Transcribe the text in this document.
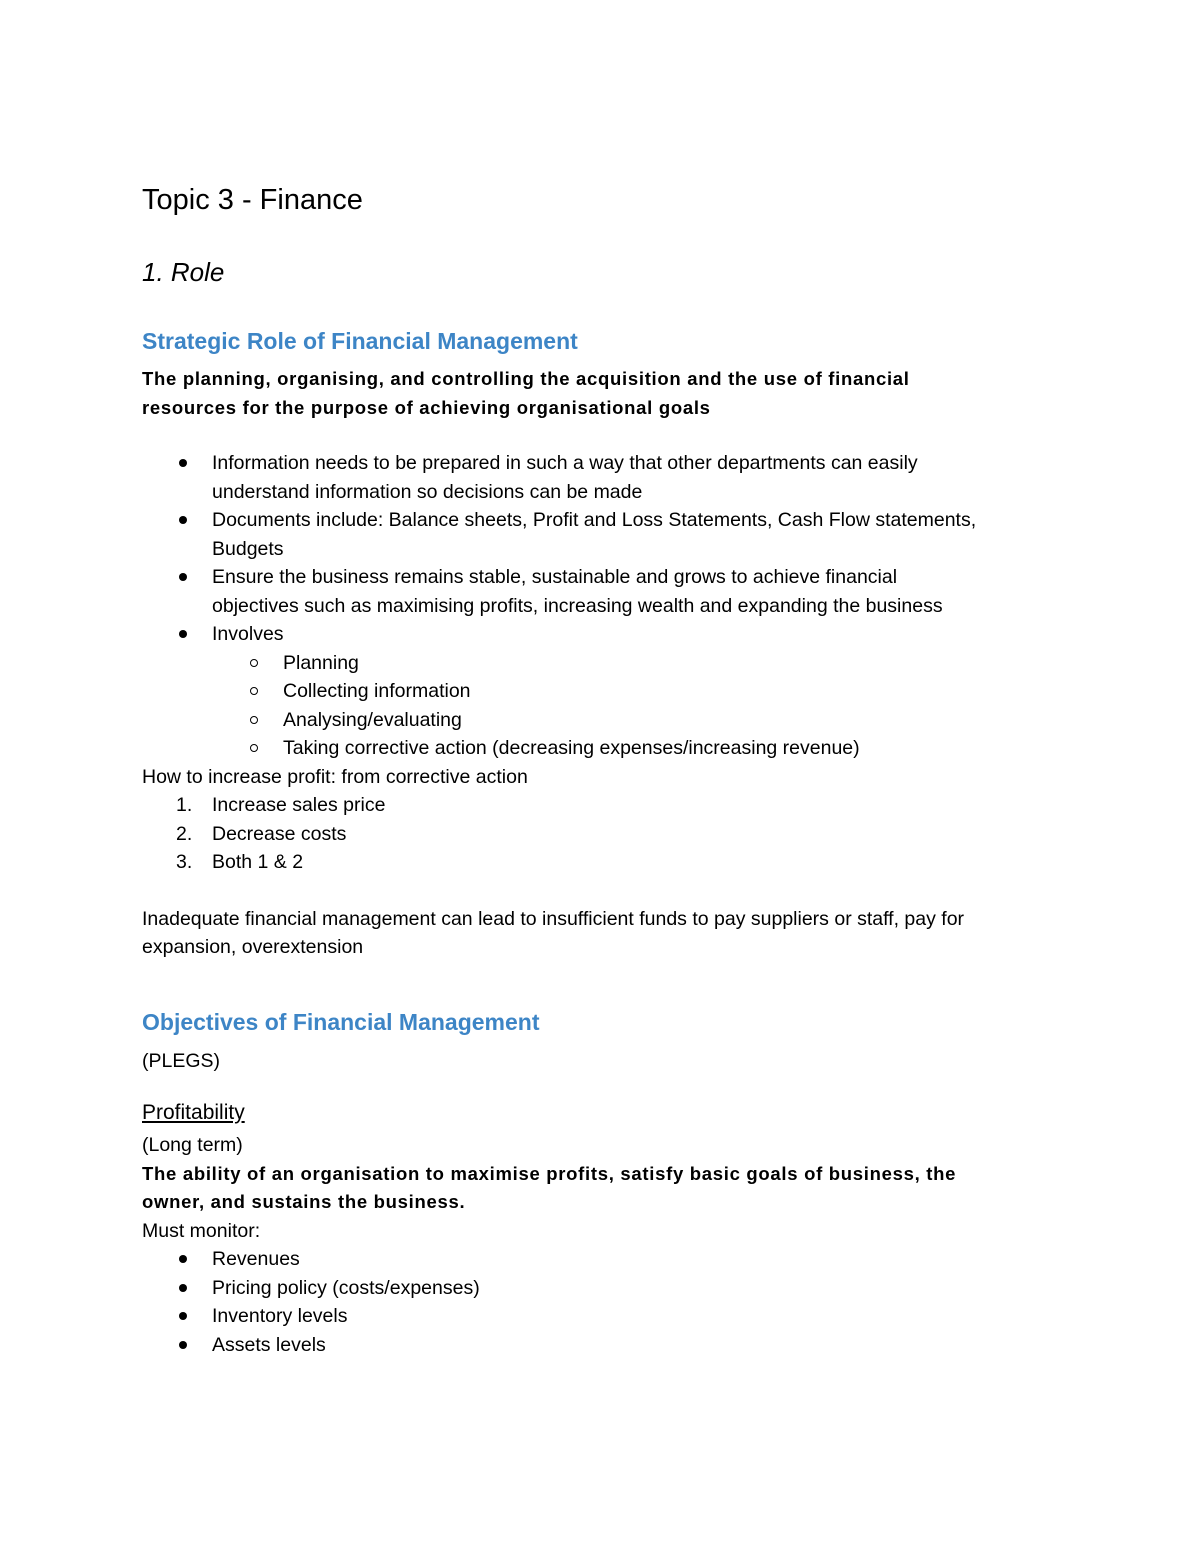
Topic 3 - Finance
1. Role
Strategic Role of Financial Management

The planning, organising, and controlling the acquisition and the use of financial
resources for the purpose of achieving organisational goals

Information needs to be prepared in such a way that other departments can easily
understand information so decisions can be made
Documents include: Balance sheets, Profit and Loss Statements, Cash Flow statements,
Budgets
Ensure the business remains stable, sustainable and grows to achieve financial
objectives such as maximising profits, increasing wealth and expanding the business
Involves
Planning
Collecting information
Analysing/evaluating
Taking corrective action (decreasing expenses/increasing revenue)

How to increase profit: from corrective action

1. Increase sales price
2. Decrease costs
3. Both 1 & 2

Inadequate financial management can lead to insufficient funds to pay suppliers or staff, pay for
expansion, overextension

Objectives of Financial Management

(PLEGS)

Profitability

(Long term)

The ability of an organisation to maximise profits, satisfy basic goals of business, the
owner, and sustains the business.

Must monitor:

Revenues
Pricing policy (costs/expenses)
Inventory levels
Assets levels
